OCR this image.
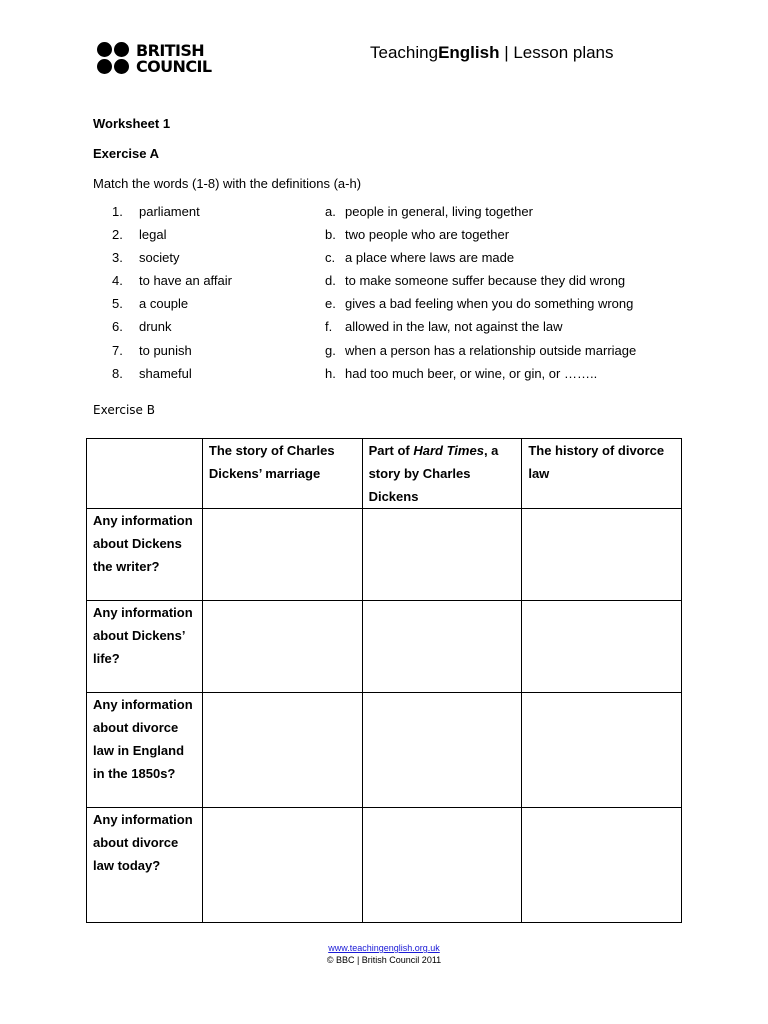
BRITISH
COUNCIL
TeachingEnglish | Lesson plans
Worksheet 1
Exercise A
Match the words (1-8) with the definitions (a-h)
1.	parliament
2.	legal
3.	society
4.	to have an affair
5.	a couple
6.	drunk
7.	to punish
8.	shameful
a. people in general, living together
b. two people who are together
c. a place where laws are made
d. to make someone suffer because they did wrong
e. gives a bad feeling when you do something wrong
f. allowed in the law, not against the law
g. when a person has a relationship outside marriage
h. had too much beer, or wine, or gin, or ……..
Exercise B
	The story of Charles Dickens’ marriage	Part of Hard Times, a story by Charles Dickens	The history of divorce law
Any information about Dickens the writer?			
Any information about Dickens’ life?			
Any information about divorce law in England in the 1850s?			
Any information about divorce law today?			
www.teachingenglish.org.uk
© BBC | British Council 2011
